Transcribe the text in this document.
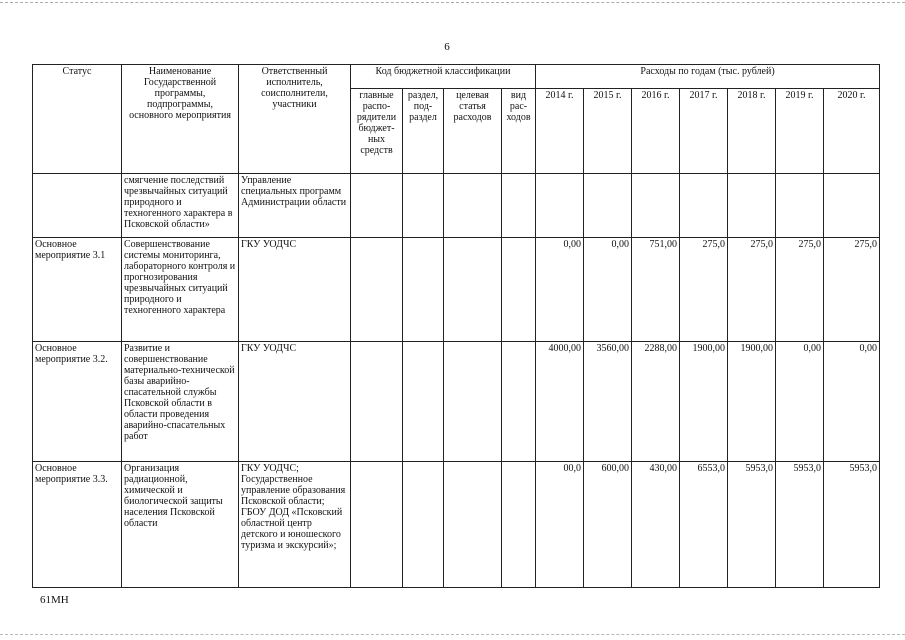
6
Статус	Наименование Государственной программы, подпрограммы, основного мероприятия	Ответственный исполнитель, соисполнители, участники	Код бюджетной классификации				Расходы по годам (тыс. рублей)						
			главные распо- рядители бюджет- ных средств	раздел, под- раздел	целевая статья расходов	вид рас- ходов	2014 г.	2015 г.	2016 г.	2017 г.	2018 г.	2019 г.	2020 г.
	смягчение последствий чрезвычайных ситуаций природного и техногенного характера в Псковской области»	Управление специальных программ Администрации области											
Основное мероприятие 3.1	Совершенствование системы мониторинга, лабораторного контроля и прогнозирования чрезвычайных ситуаций природного и техногенного характера	ГКУ УОДЧС					0,00	0,00	751,00	275,0	275,0	275,0	275,0
Основное мероприятие 3.2.	Развитие и совершенствование материально-технической базы аварийно-спасательной службы Псковской области в области проведения аварийно-спасательных работ	ГКУ УОДЧС					4000,00	3560,00	2288,00	1900,00	1900,00	0,00	0,00
Основное мероприятие 3.3.	Организация радиационной, химической и биологической защиты населения Псковской области	ГКУ УОДЧС; Государственное управление образования Псковской области; ГБОУ ДОД «Псковский областной центр детского и юношеского туризма и экскурсий»;					00,0	600,00	430,00	6553,0	5953,0	5953,0	5953,0
61MH
